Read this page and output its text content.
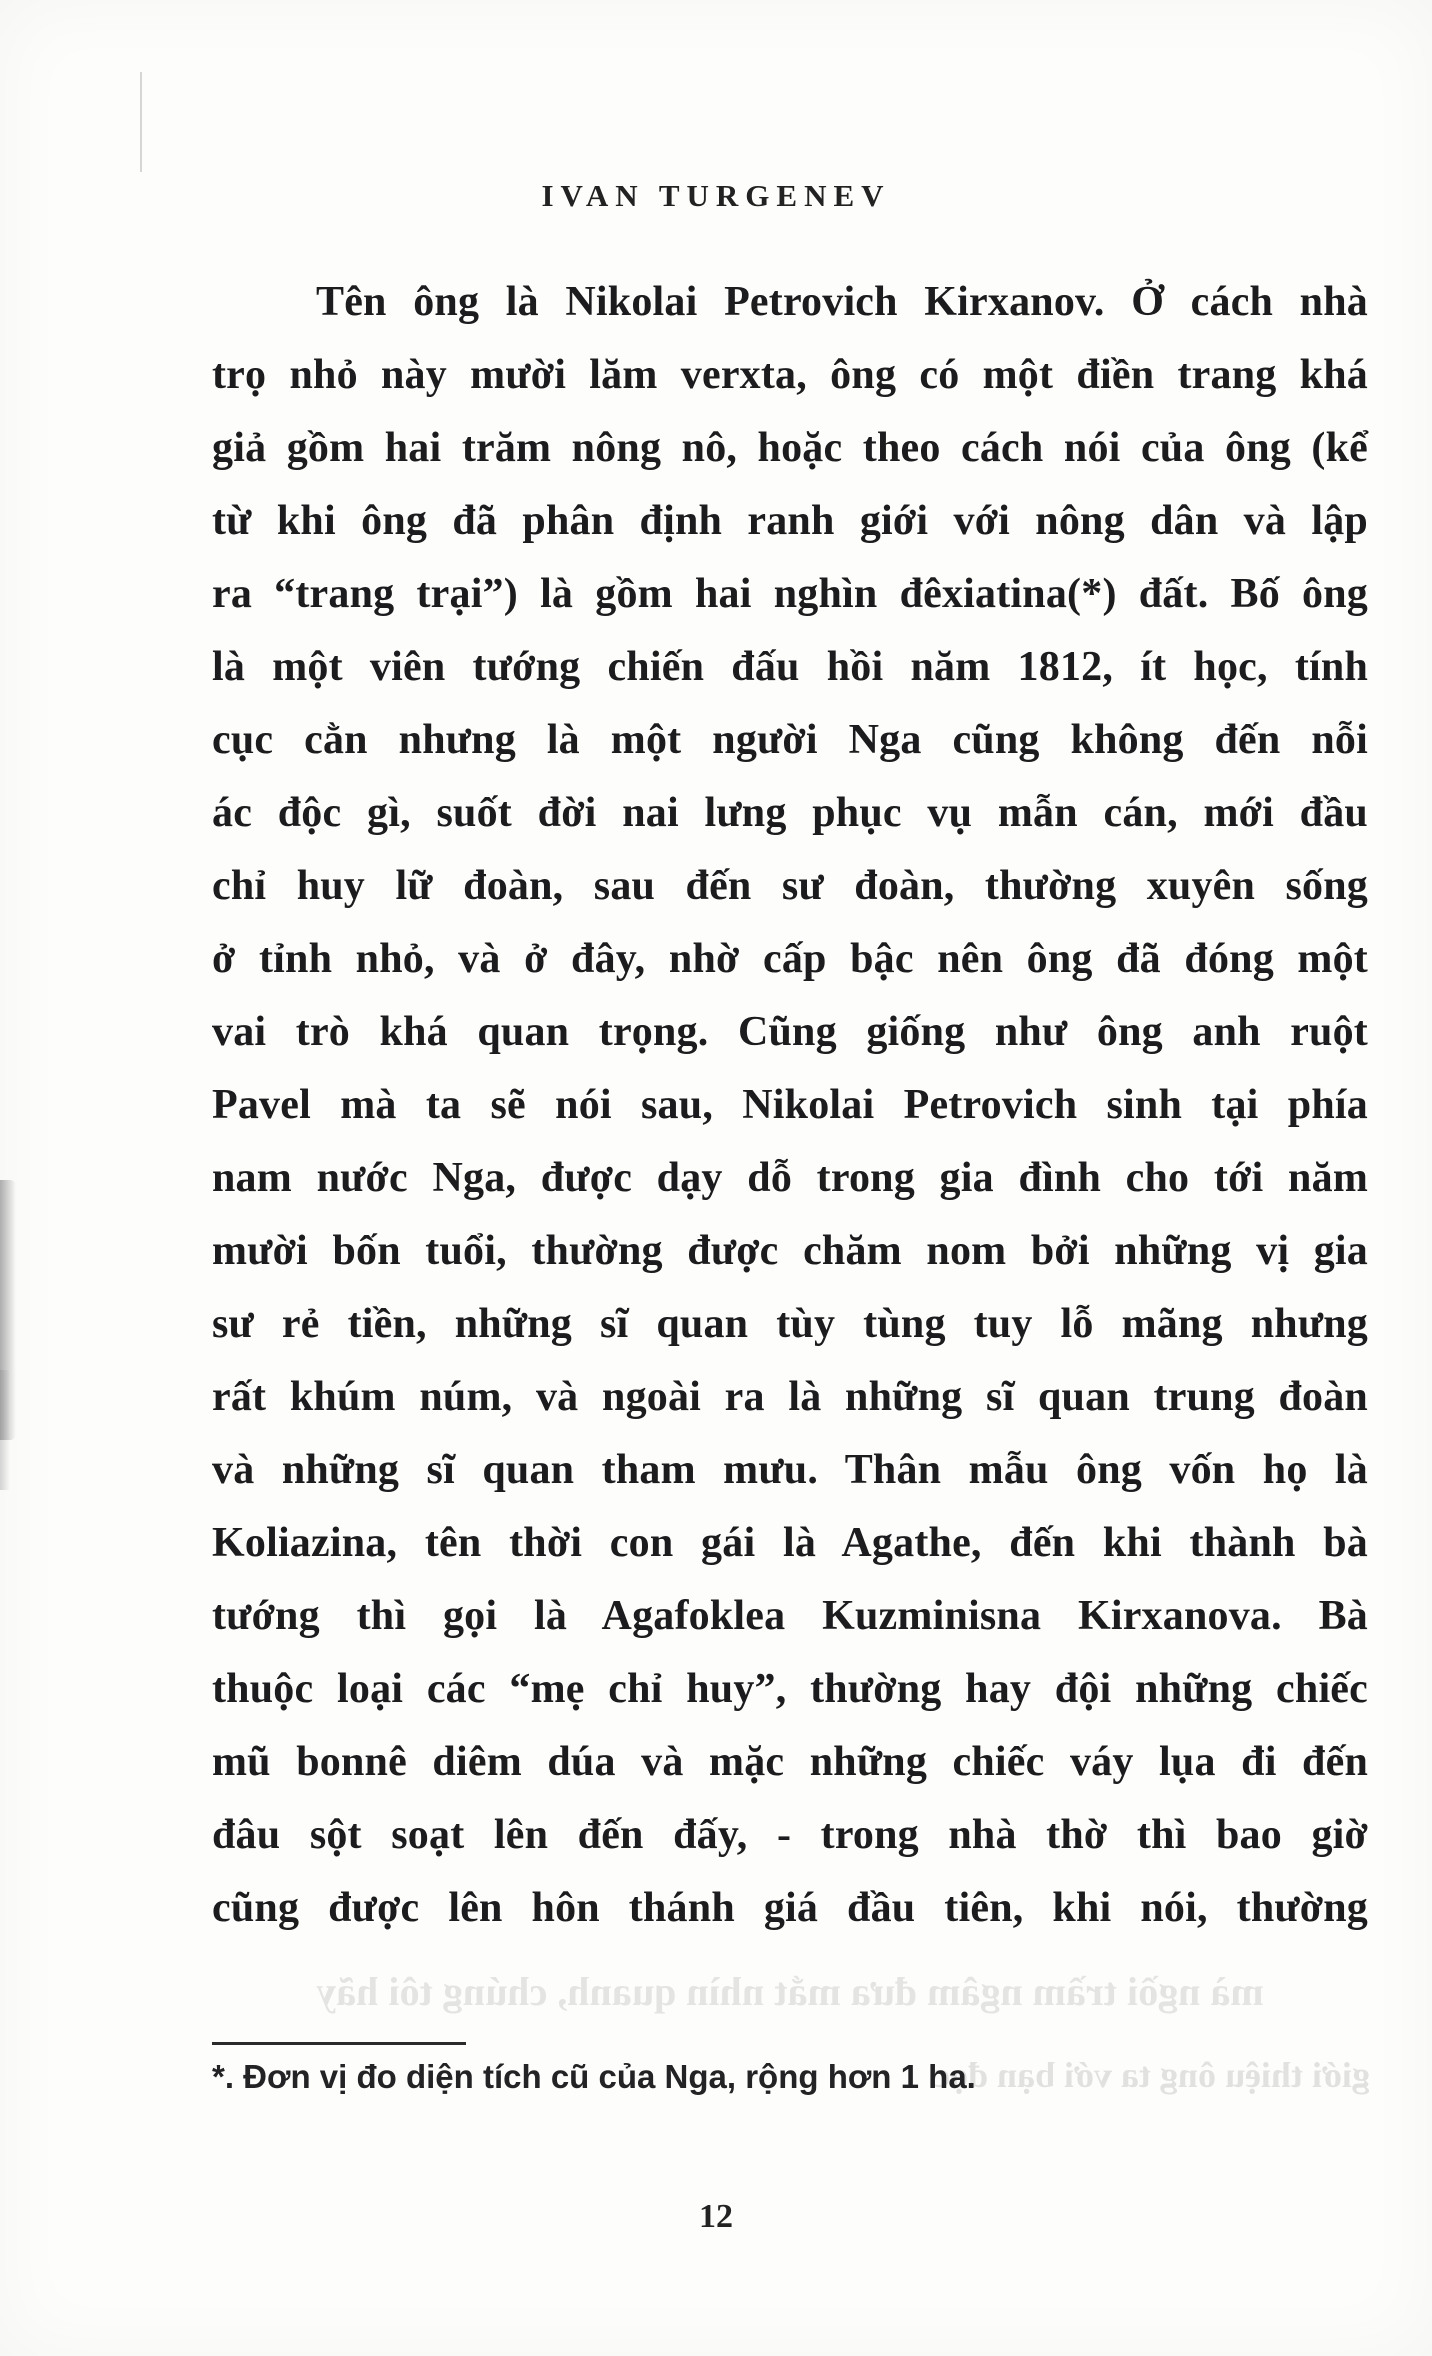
IVAN TURGENEV
Tên ông là Nikolai Petrovich Kirxanov. Ở cách nhà
trọ nhỏ này mười lăm verxta, ông có một điền trang khá
giả gồm hai trăm nông nô, hoặc theo cách nói của ông (kể
từ khi ông đã phân định ranh giới với nông dân và lập
ra “trang trại”) là gồm hai nghìn đêxiatina(*) đất. Bố ông
là một viên tướng chiến đấu hồi năm 1812, ít học, tính
cục cằn nhưng là một người Nga cũng không đến nỗi
ác độc gì, suốt đời nai lưng phục vụ mẫn cán, mới đầu
chỉ huy lữ đoàn, sau đến sư đoàn, thường xuyên sống
ở tỉnh nhỏ, và ở đây, nhờ cấp bậc nên ông đã đóng một
vai trò khá quan trọng. Cũng giống như ông anh ruột
Pavel mà ta sẽ nói sau, Nikolai Petrovich sinh tại phía
nam nước Nga, được dạy dỗ trong gia đình cho tới năm
mười bốn tuổi, thường được chăm nom bởi những vị gia
sư rẻ tiền, những sĩ quan tùy tùng tuy lỗ mãng nhưng
rất khúm núm, và ngoài ra là những sĩ quan trung đoàn
và những sĩ quan tham mưu. Thân mẫu ông vốn họ là
Koliazina, tên thời con gái là Agathe, đến khi thành bà
tướng thì gọi là Agafoklea Kuzminisna Kirxanova. Bà
thuộc loại các “mẹ chỉ huy”, thường hay đội những chiếc
mũ bonnê diêm dúa và mặc những chiếc váy lụa đi đến
đâu sột soạt lên đến đấy, - trong nhà thờ thì bao giờ
cũng được lên hôn thánh giá đầu tiên, khi nói, thường
mà ngồi trầm ngâm đưa mắt nhìn quanh, chúng tôi hãy
giới thiệu ông ta với bạn đọc
*. Đơn vị đo diện tích cũ của Nga, rộng hơn 1 ha.
12
